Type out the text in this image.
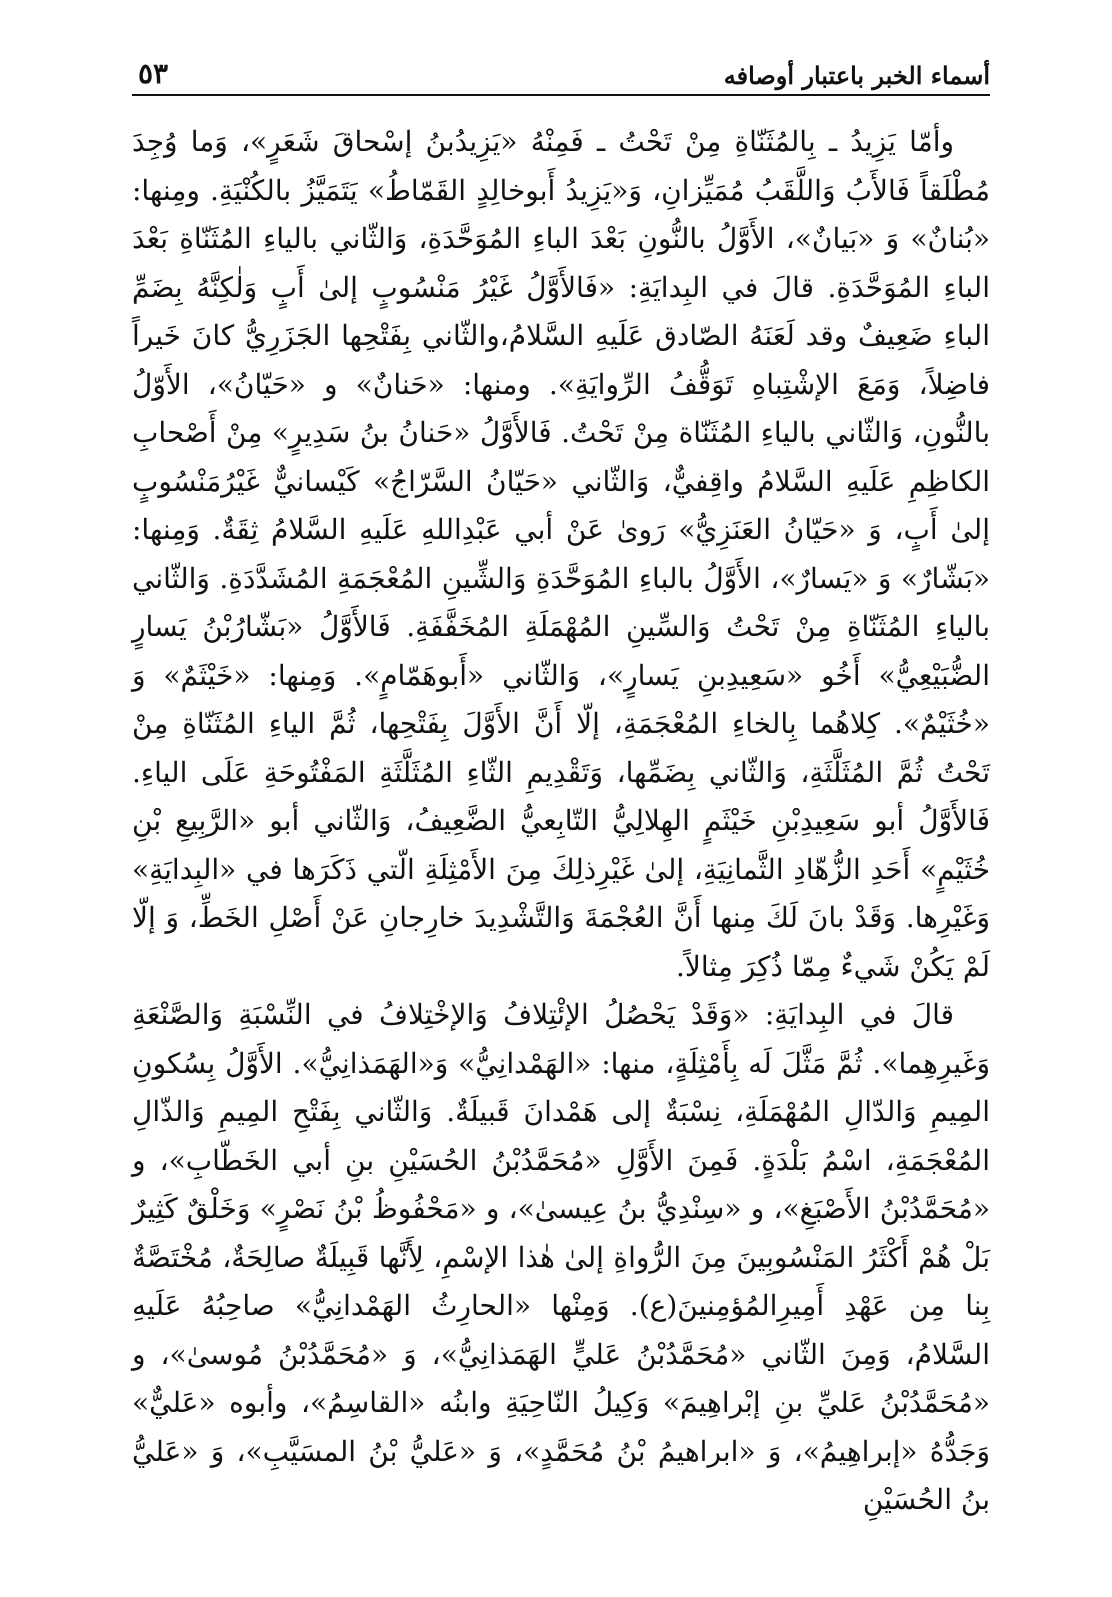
أسماء الخبر باعتبار أوصافه
٥٣

وأمّا يَزِيدُ ـ بِالمُثَنّاةِ مِنْ تَحْتُ ـ فَمِنْهُ «يَزِيدُبنُ إسْحاقَ شَعَرٍ»، وَما وُجِدَ مُطْلَقاً فَالأَبُ وَاللَّقَبُ مُمَيِّزانِ، وَ«يَزِيدُ أَبوخالِدٍ القَمّاطُ» يَتَمَيَّزُ بالكُنْيَةِ. ومِنها: «بُنانٌ» وَ «بَيانٌ»، الأَوَّلُ بالنُّونِ بَعْدَ الباءِ المُوَحَّدَةِ، وَالثّاني بالياءِ المُثَنّاةِ بَعْدَ الباءِ المُوَحَّدَةِ. قالَ في البِدايَةِ: «فَالأَوَّلُ غَيْرُ مَنْسُوبٍ إلىٰ أَبٍ وَلٰكِنَّهُ بِضَمِّ الباءِ ضَعِيفٌ وقد لَعَنَهُ الصّادق عَلَيهِ السَّلامُ،والثّاني بِفَتْحِها الجَزَرِيُّ كانَ خَيراً فاضِلاً، وَمَعَ الإشْتِباهِ تَوَقُّفُ الرِّوايَةِ». ومنها: «حَنانٌ» و «حَيّانُ»، الأَوّلُ بالنُّونِ، وَالثّاني بالياءِ المُثَنّاة مِنْ تَحْتُ. فَالأَوَّلُ «حَنانُ بنُ سَدِيرٍ» مِنْ أَصْحابِ الكاظِمِ عَلَيهِ السَّلامُ واقِفيٌّ، وَالثّاني «حَيّانُ السَّرّاجُ» كَيْسانيٌّ غَيْرُمَنْسُوبٍ إلىٰ أَبٍ، وَ «حَيّانُ العَنَزِيُّ» رَوىٰ عَنْ أبي عَبْدِاللهِ عَلَيهِ السَّلامُ ثِقَةٌ. وَمِنها: «بَشّارٌ» وَ «يَسارٌ»، الأَوَّلُ بالباءِ المُوَحَّدَةِ وَالشِّينِ المُعْجَمَةِ المُشَدَّدَةِ. وَالثّاني بالياءِ المُثَنّاةِ مِنْ تَحْتُ وَالسِّينِ المُهْمَلَةِ المُخَفَّفَةِ. فَالأَوَّلُ «بَشّارُبْنُ يَسارٍ الضُّبَيْعِيُّ» أَخُو «سَعِيدِبنِ يَسارٍ»، وَالثّاني «أَبوهَمّامٍ». وَمِنها: «خَيْثَمٌ» وَ «خُثَيْمٌ». كِلاهُما بِالخاءِ المُعْجَمَةِ، إلّا أَنَّ الأَوَّلَ بِفَتْحِها، ثُمَّ الياءِ المُثَنّاةِ مِنْ تَحْتُ ثُمَّ المُثَلَّثَةِ، وَالثّاني بِضَمِّها، وَتَقْدِيمِ الثّاءِ المُثَلَّثَةِ المَفْتُوحَةِ عَلَى الياءِ. فَالأَوَّلُ أبو سَعِيدِبْنِ خَيْثَمٍ الهِلالِيُّ التّابِعيُّ الضَّعِيفُ، وَالثّاني أبو «الرَّبِيعِ بْنِ خُثَيْمٍ» أَحَدِ الزُّهّادِ الثَّمانِيَةِ، إلىٰ غَيْرِذلِكَ مِنَ الأَمْثِلَةِ الّتي ذَكَرَها في «البِدايَةِ» وَغَيْرِها. وَقَدْ بانَ لَكَ مِنها أَنَّ العُجْمَةَ وَالتَّشْدِيدَ خارِجانِ عَنْ أَصْلِ الخَطِّ، وَ إلّا لَمْ يَكُنْ شَيءٌ مِمّا ذُكِرَ مِثالاً.

قالَ في البِدايَةِ: «وَقَدْ يَحْصُلُ الإئْتِلافُ وَالإخْتِلافُ في النِّسْبَةِ وَالصَّنْعَةِ وَغَيرِهِما». ثُمَّ مَثَّلَ لَه بِأَمْثِلَةٍ، منها: «الهَمْدانِيُّ» وَ«الهَمَذانِيُّ». الأَوَّلُ بِسُكونِ المِيمِ وَالدّالِ المُهْمَلَةِ، نِسْبَةٌ إلى هَمْدانَ قَبيلَةٌ. وَالثّاني بِفَتْحِ المِيمِ وَالذّالِ المُعْجَمَةِ، اسْمُ بَلْدَةٍ. فَمِنَ الأَوَّلِ «مُحَمَّدُبْنُ الحُسَيْنِ بنِ أبي الخَطّابِ»، و «مُحَمَّدُبْنُ الأَصْبَغِ»، و «سِنْدِيُّ بنُ عِيسىٰ»، و «مَحْفُوظُ بْنُ نَصْرٍ» وَخَلْقٌ كَثِيرٌ بَلْ هُمْ أَكْثَرُ المَنْسُوبِينَ مِنَ الرُّواةِ إلىٰ هٰذا الإسْمِ، لِأَنَّها قَبِيلَةٌ صالِحَةٌ، مُخْتَصَّةٌ بِنا مِن عَهْدِ أَمِيرِالمُؤمِنينَ(ع). وَمِنْها «الحارِثُ الهَمْدانِيُّ» صاحِبُهُ عَلَيهِ السَّلامُ، وَمِنَ الثّاني «مُحَمَّدُبْنُ عَليٍّ الهَمَذانِيُّ»، وَ «مُحَمَّدُبْنُ مُوسىٰ»، و «مُحَمَّدُبْنُ عَليِّ بنِ إبْراهِيمَ» وَكِيلُ النّاحِيَةِ وابنُه «القاسِمُ»، وأبوه «عَليٌّ» وَجَدُّهُ «إبراهِيمُ»، وَ «ابراهيمُ بْنُ مُحَمَّدٍ»، وَ «عَليُّ بْنُ المسَيَّبِ»، وَ «عَليُّ بنُ الحُسَيْنِ
